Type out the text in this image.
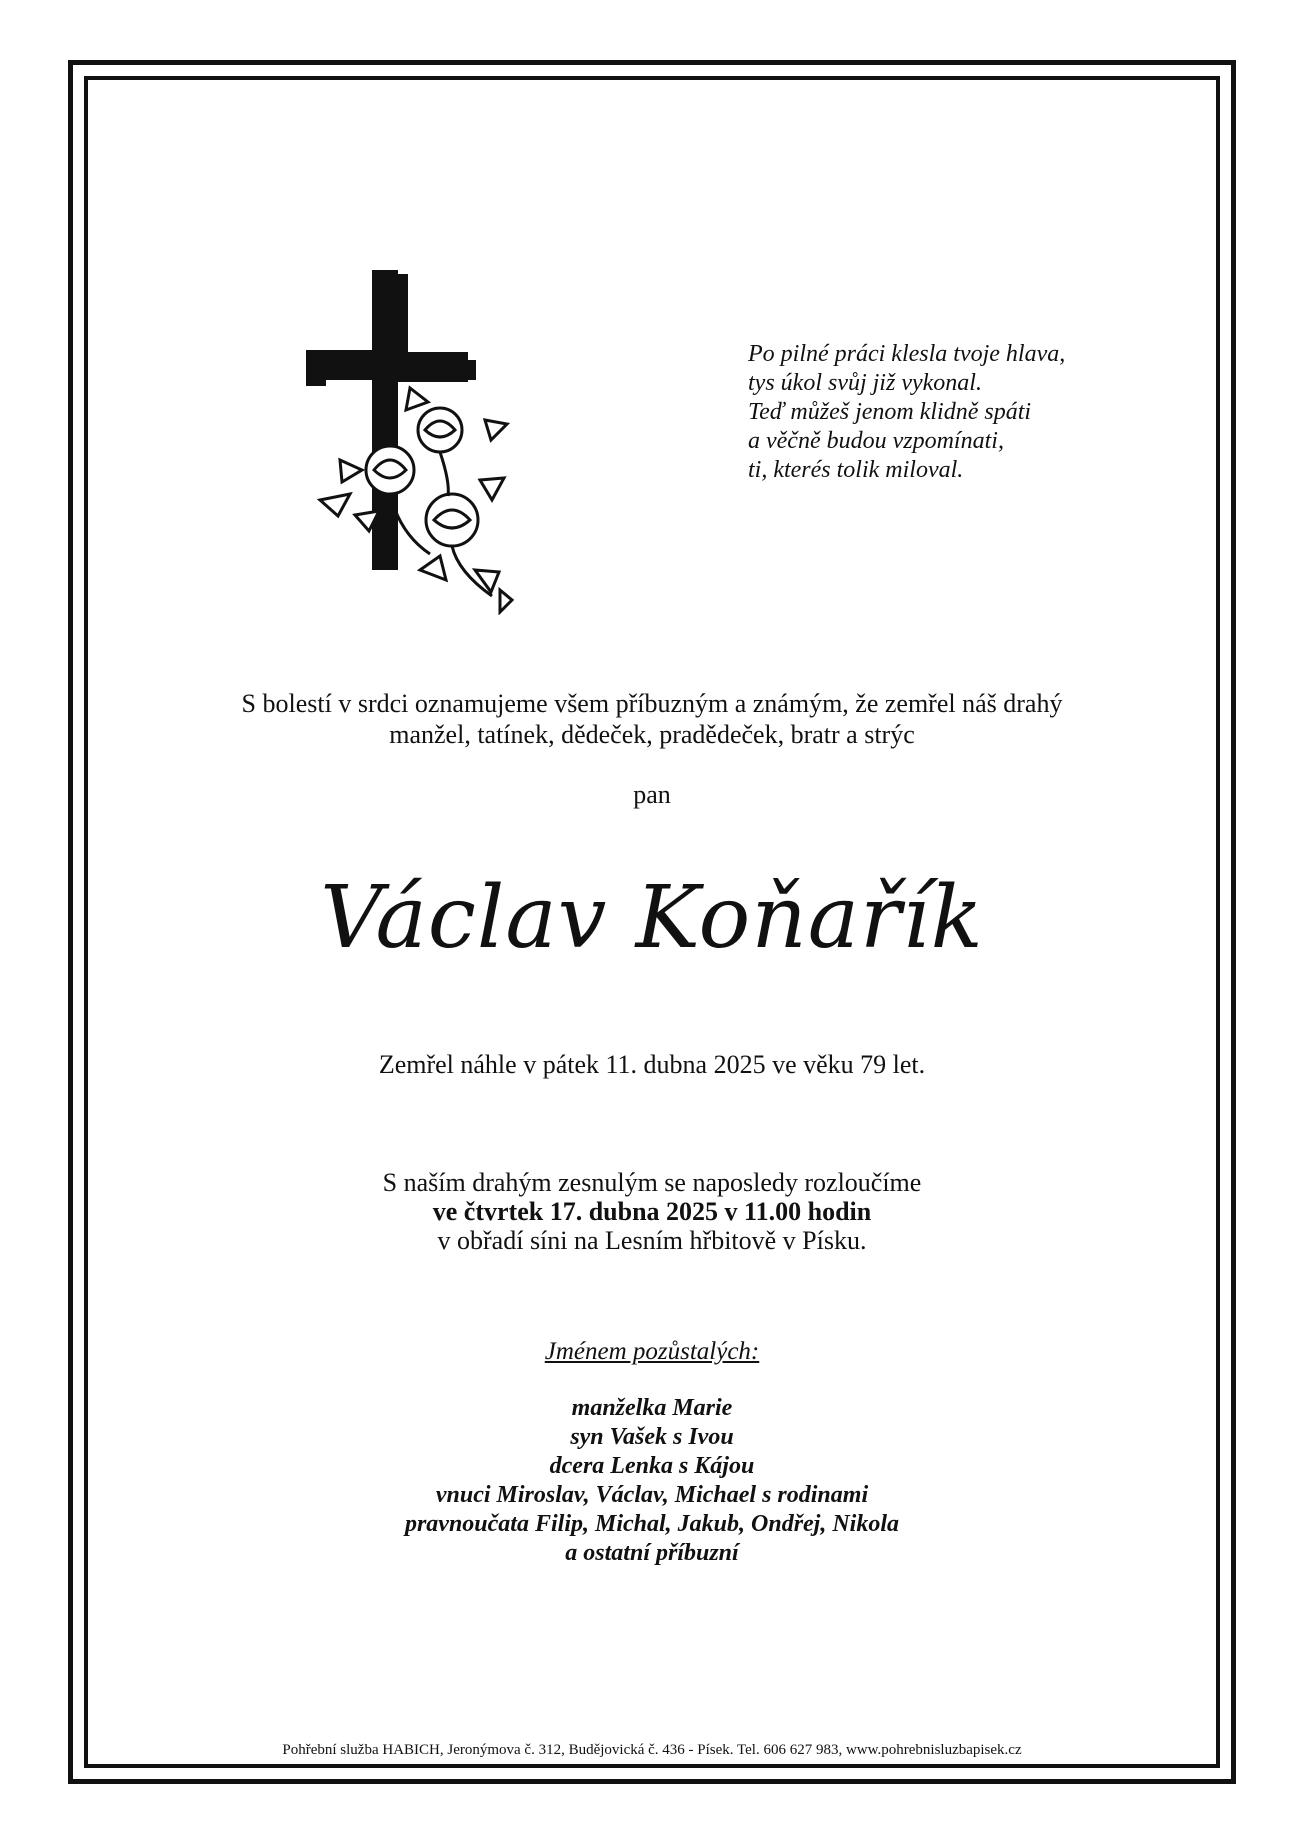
Po pilné práci klesla tvoje hlava,
tys úkol svůj již vykonal.
Teď můžeš jenom klidně spáti
a věčně budou vzpomínati,
ti, kterés tolik miloval.
S bolestí v srdci oznamujeme všem příbuzným a známým, že zemřel náš drahý
manžel, tatínek, dědeček, pradědeček, bratr a strýc
pan
Václav Koňařík
Zemřel náhle v pátek 11. dubna 2025 ve věku 79 let.
S naším drahým zesnulým se naposledy rozloučíme
ve čtvrtek 17. dubna 2025 v 11.00 hodin
v obřadí síni na Lesním hřbitově v Písku.
Jménem pozůstalých:
manželka Marie
syn Vašek s Ivou
dcera Lenka s Kájou
vnuci Miroslav, Václav, Michael s rodinami
pravnoučata Filip, Michal, Jakub, Ondřej, Nikola
a ostatní příbuzní
Pohřební služba HABICH, Jeronýmova č. 312, Budějovická č. 436 - Písek. Tel. 606 627 983, www.pohrebnisluzbapisek.cz
